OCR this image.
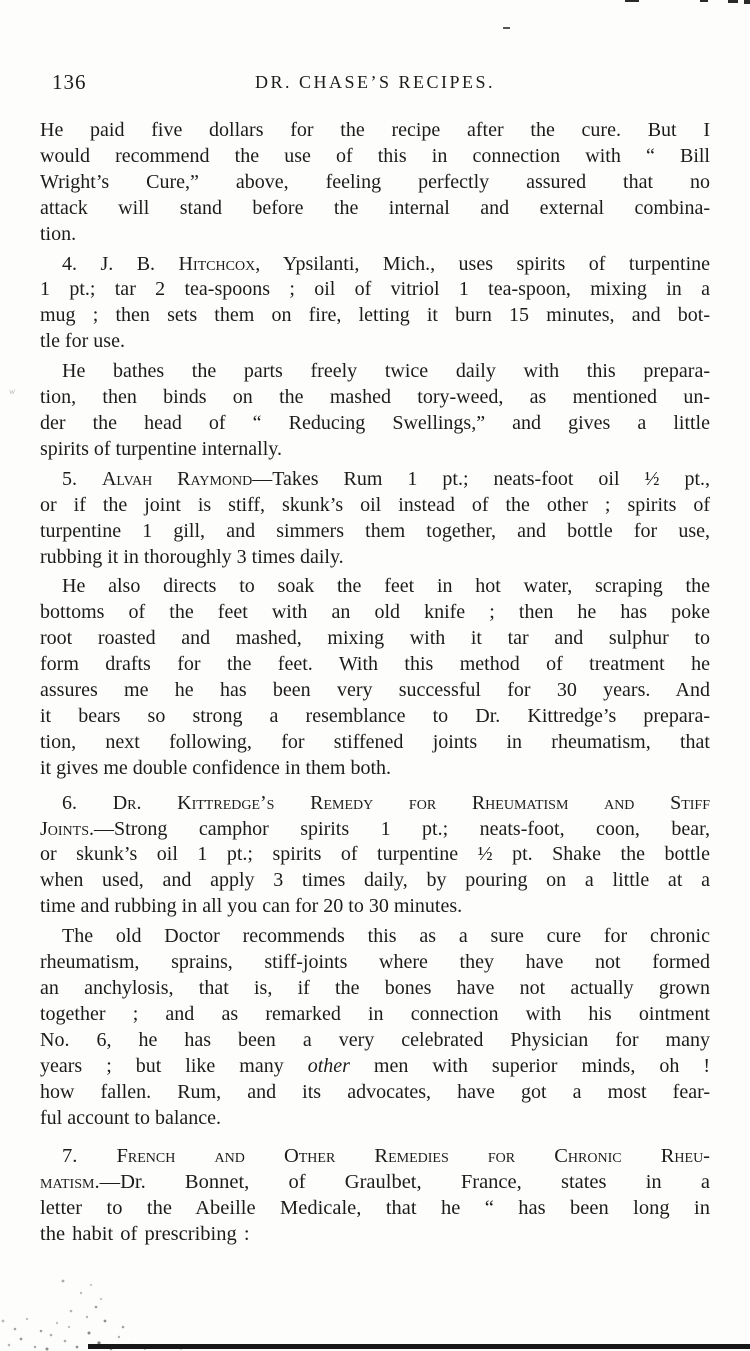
136	DR. CHASE’S RECIPES.
He paid five dollars for the recipe after the cure. But I
would recommend the use of this in connection with “ Bill
Wright’s Cure,” above, feeling perfectly assured that no
attack will stand before the internal and external combina-
tion.
4. J. B. Hitchcox, Ypsilanti, Mich., uses spirits of turpentine
1 pt.; tar 2 tea-spoons ; oil of vitriol 1 tea-spoon, mixing in a
mug ; then sets them on fire, letting it burn 15 minutes, and bot-
tle for use.
He bathes the parts freely twice daily with this prepara-
tion, then binds on the mashed tory-weed, as mentioned un-
der the head of “ Reducing Swellings,” and gives a little
spirits of turpentine internally.
5. Alvah Raymond—Takes Rum 1 pt.; neats-foot oil ½ pt.,
or if the joint is stiff, skunk’s oil instead of the other ; spirits of
turpentine 1 gill, and simmers them together, and bottle for use,
rubbing it in thoroughly 3 times daily.
He also directs to soak the feet in hot water, scraping the
bottoms of the feet with an old knife ; then he has poke
root roasted and mashed, mixing with it tar and sulphur to
form drafts for the feet. With this method of treatment he
assures me he has been very successful for 30 years. And
it bears so strong a resemblance to Dr. Kittredge’s prepara-
tion, next following, for stiffened joints in rheumatism, that
it gives me double confidence in them both.
6. Dr. Kittredge’s Remedy for Rheumatism and Stiff
Joints.—Strong camphor spirits 1 pt.; neats-foot, coon, bear,
or skunk’s oil 1 pt.; spirits of turpentine ½ pt. Shake the bottle
when used, and apply 3 times daily, by pouring on a little at a
time and rubbing in all you can for 20 to 30 minutes.
The old Doctor recommends this as a sure cure for chronic
rheumatism, sprains, stiff-joints where they have not formed
an anchylosis, that is, if the bones have not actually grown
together ; and as remarked in connection with his ointment
No. 6, he has been a very celebrated Physician for many
years ; but like many other men with superior minds, oh !
how fallen. Rum, and its advocates, have got a most fear-
ful account to balance.
7. French and Other Remedies for Chronic Rheu-
matism.—Dr. Bonnet, of Graulbet, France, states in a
letter to the Abeille Medicale, that he “ has been long in
the habit of prescribing :
w
